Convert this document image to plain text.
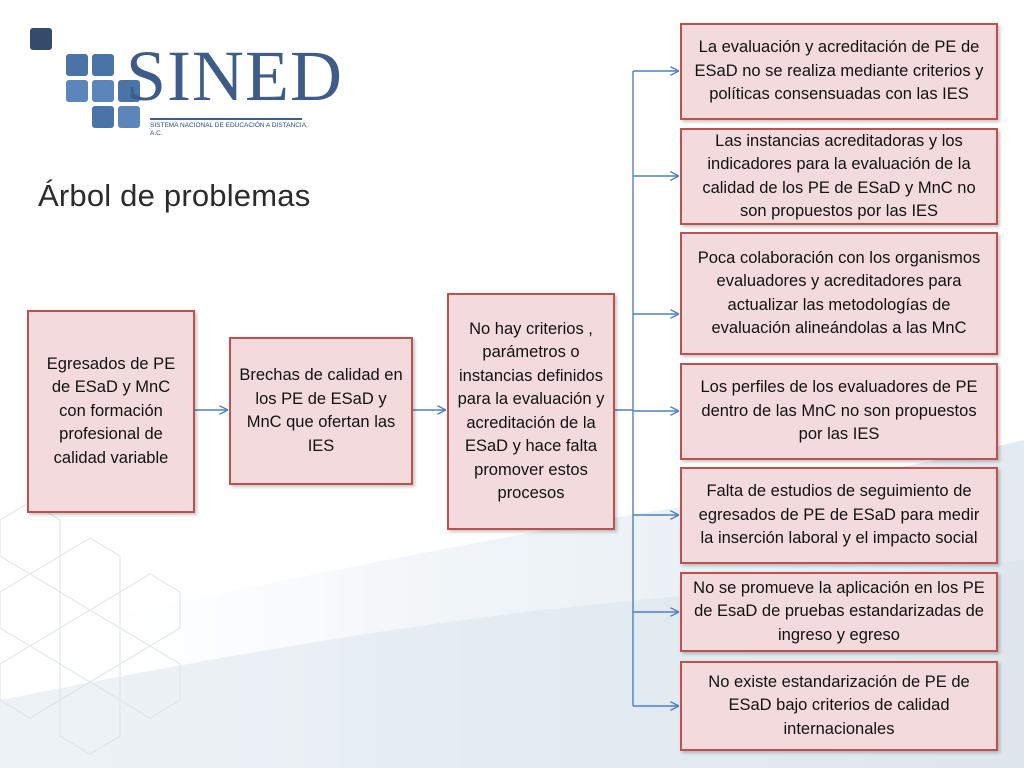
SINED
SISTEMA NACIONAL DE EDUCACIÓN A DISTANCIA, A.C.
Árbol de problemas
Egresados de PE de ESaD y MnC con formación profesional de calidad variable
Brechas de calidad en los PE de ESaD y MnC que ofertan las IES
No hay criterios , parámetros o instancias definidos para la evaluación y acreditación de la ESaD y hace falta promover estos procesos
La evaluación y acreditación de PE de ESaD no se realiza mediante criterios y políticas consensuadas con las IES
Las instancias acreditadoras y los indicadores para la evaluación de la calidad de los PE de ESaD y MnC no son propuestos por las IES
Poca colaboración con los organismos evaluadores y acreditadores para actualizar las metodologías de evaluación alineándolas a las MnC
Los perfiles de los evaluadores de PE dentro de las MnC no son propuestos por las IES
Falta de estudios de seguimiento de egresados de PE de ESaD para medir la inserción laboral y el impacto social
No se promueve la aplicación en los PE de EsaD de pruebas estandarizadas de ingreso y egreso
No existe estandarización de PE de ESaD bajo criterios de calidad internacionales
